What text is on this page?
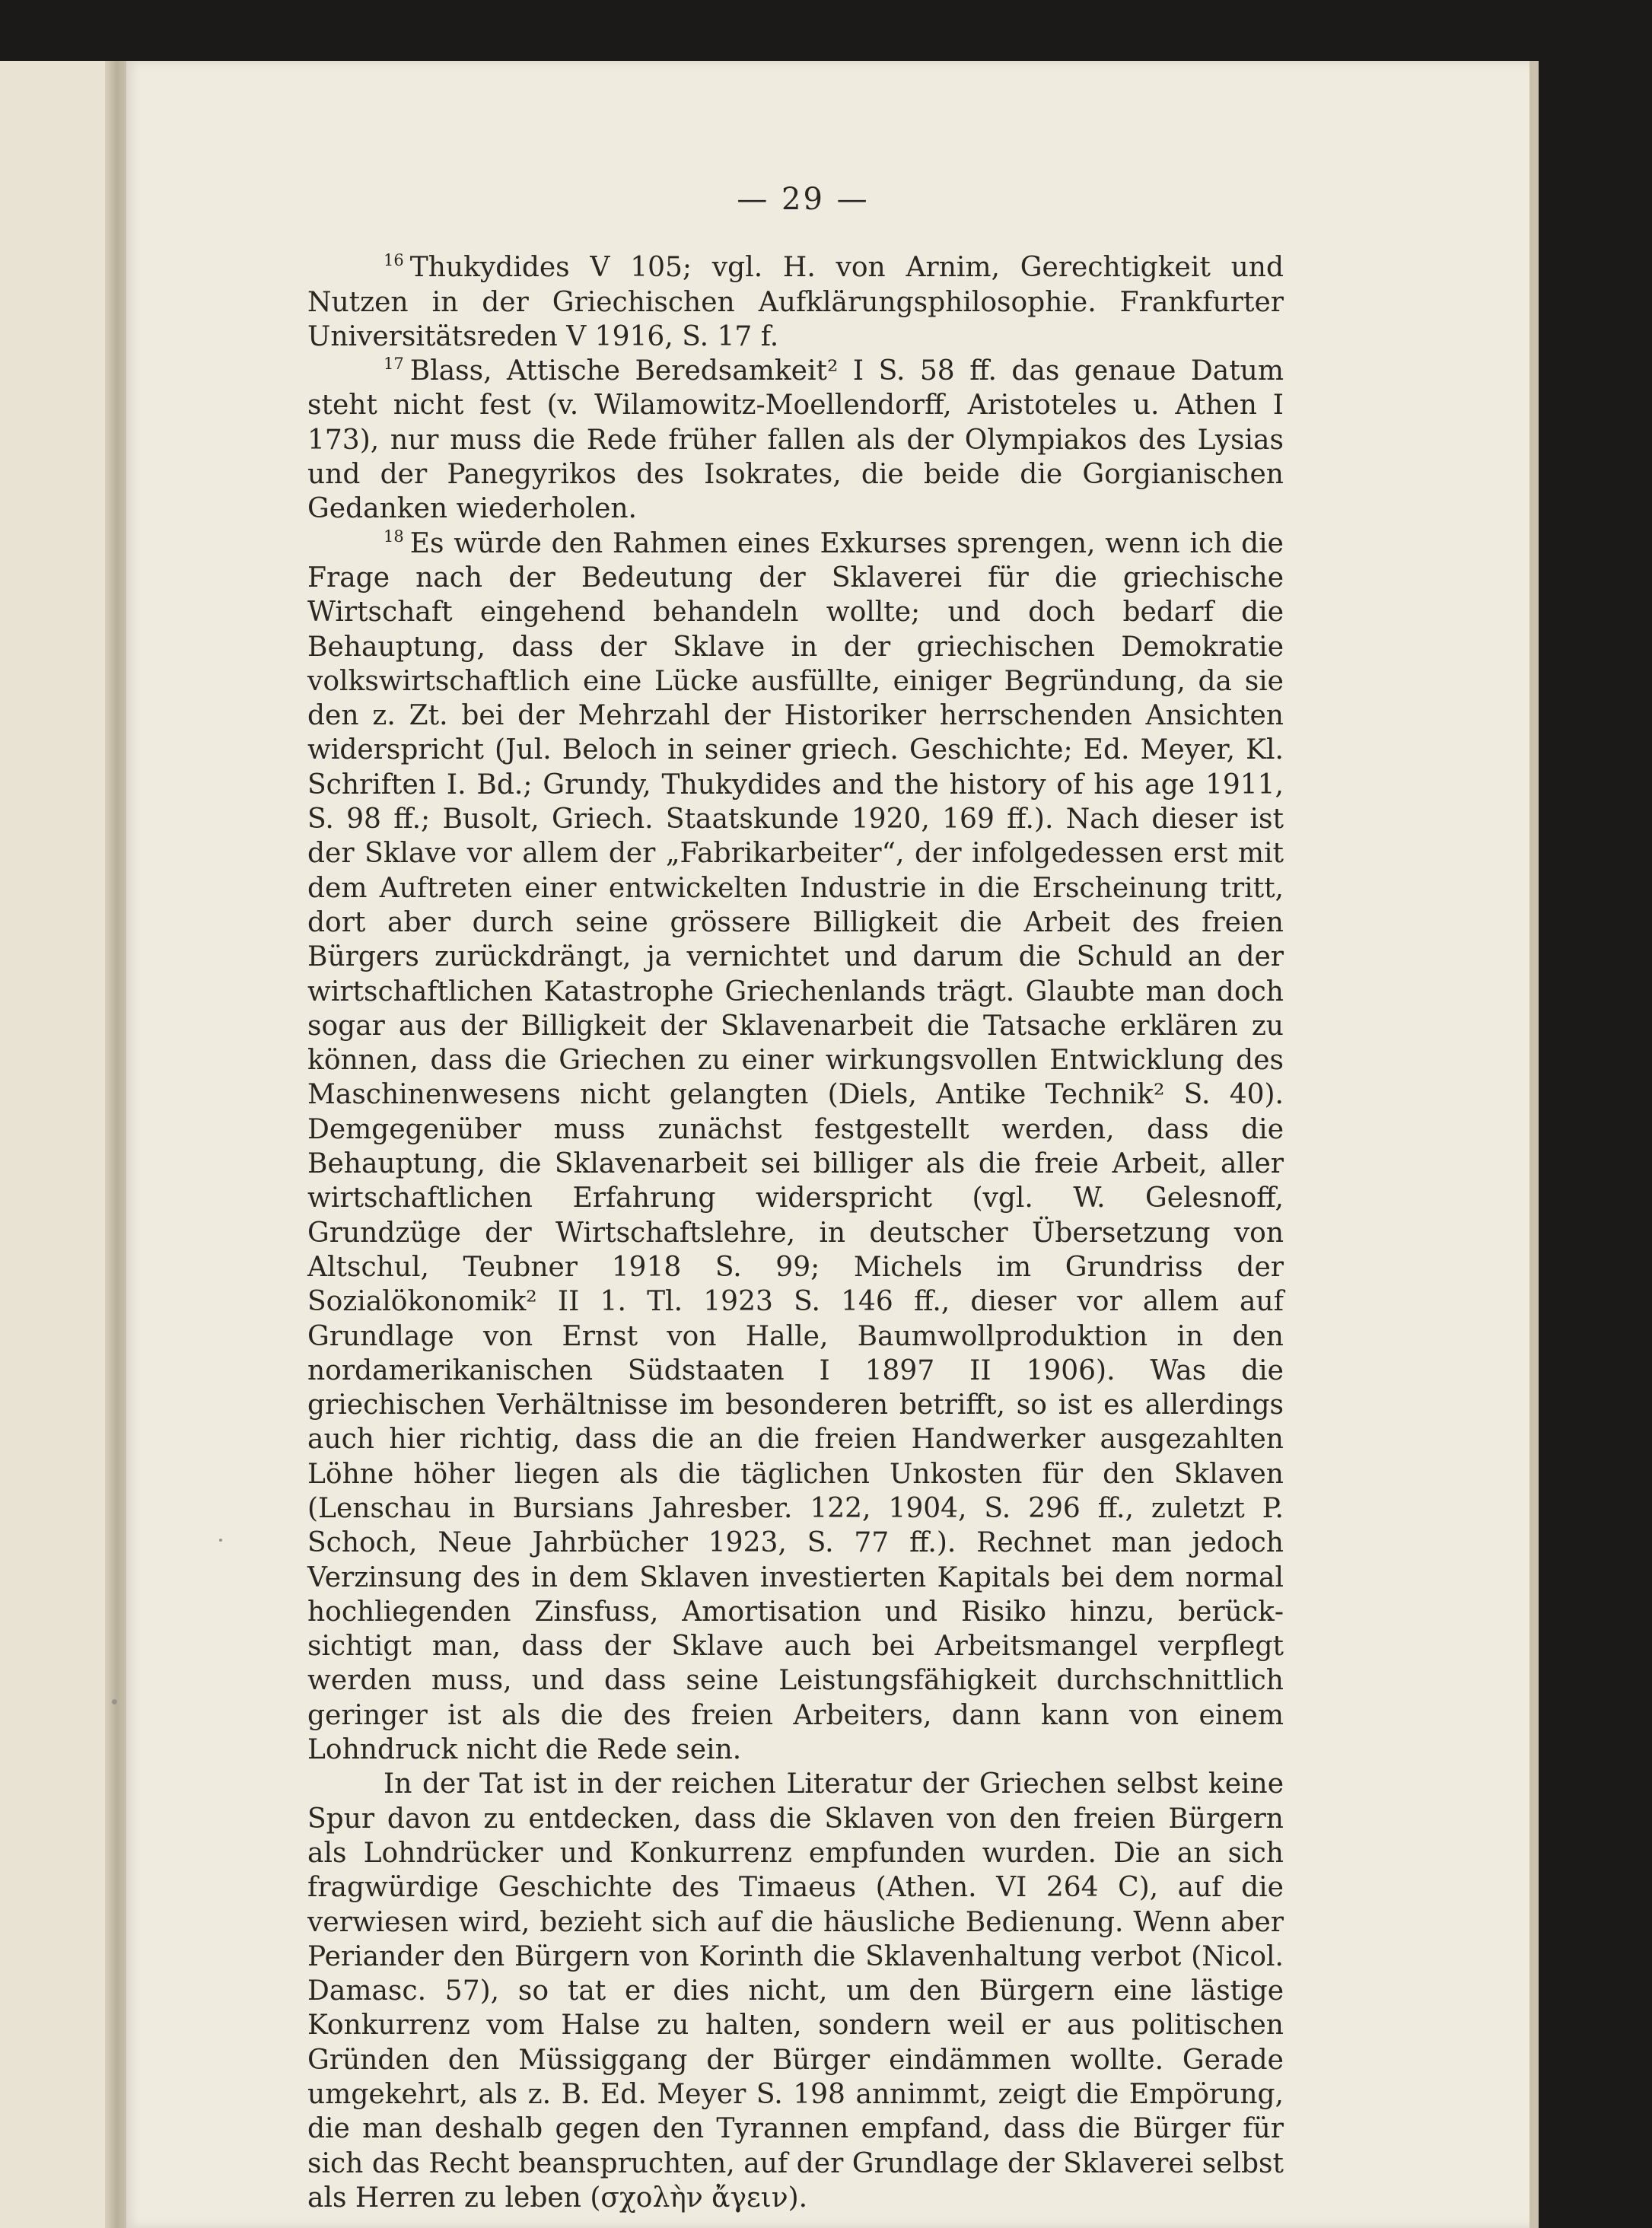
— 29 —

$^{16}$ Thukydides V 105; vgl. H. von Arnim, Gerechtigkeit und Nutzen in der Griechischen Aufklärungsphilosophie. Frankfurter Universitätsreden V 1916, S. 17 f.

$^{17}$ Blass, Attische Beredsamkeit² I S. 58 ff. das genaue Datum steht nicht fest (v. Wilamowitz-Moellendorff, Aristoteles u. Athen I 173), nur muss die Rede früher fallen als der Olympiakos des Lysias und der Panegyrikos des Isokrates, die beide die Gorgianischen Gedanken wiederholen.

$^{18}$ Es würde den Rahmen eines Exkurses sprengen, wenn ich die Frage nach der Bedeutung der Sklaverei für die griechische Wirtschaft eingehend behandeln wollte; und doch bedarf die Behauptung, dass der Sklave in der griechischen Demokratie volkswirtschaftlich eine Lücke ausfüllte, einiger Begründung, da sie den z. Zt. bei der Mehrzahl der Historiker herrschenden Ansichten widerspricht (Jul. Beloch in seiner griech. Geschichte; Ed. Meyer, Kl. Schriften I. Bd.; Grundy, Thukydides and the history of his age 1911, S. 98 ff.; Busolt, Griech. Staatskunde 1920, 169 ff.). Nach dieser ist der Sklave vor allem der „Fabrikarbeiter“, der infolgedessen erst mit dem Auftreten einer entwickelten Industrie in die Erscheinung tritt, dort aber durch seine grössere Billigkeit die Arbeit des freien Bürgers zurückdrängt, ja vernichtet und darum die Schuld an der wirtschaftlichen Katastrophe Griechenlands trägt. Glaubte man doch sogar aus der Billigkeit der Sklavenarbeit die Tatsache erklären zu können, dass die Griechen zu einer wirkungsvollen Entwicklung des Maschinenwesens nicht gelangten (Diels, Antike Technik² S. 40). Demgegenüber muss zunächst festgestellt werden, dass die Behauptung, die Sklavenarbeit sei billiger als die freie Arbeit, aller wirtschaftlichen Erfahrung widerspricht (vgl. W. Gelesnoff, Grundzüge der Wirtschaftslehre, in deutscher Übersetzung von Altschul, Teubner 1918 S. 99; Michels im Grundriss der Sozialökonomik² II 1. Tl. 1923 S. 146 ff., dieser vor allem auf Grundlage von Ernst von Halle, Baumwollproduktion in den nordamerikanischen Südstaaten I 1897 II 1906). Was die griechischen Verhältnisse im besonderen betrifft, so ist es allerdings auch hier richtig, dass die an die freien Handwerker ausgezahlten Löhne höher liegen als die täglichen Unkosten für den Sklaven (Lenschau in Bursians Jahresber. 122, 1904, S. 296 ff., zuletzt P. Schoch, Neue Jahrbücher 1923, S. 77 ff.). Rechnet man jedoch Verzinsung des in dem Sklaven investierten Kapitals bei dem normal hochliegenden Zinsfuss, Amortisation und Risiko hinzu, berücksichtigt man, dass der Sklave auch bei Arbeitsmangel verpflegt werden muss, und dass seine Leistungsfähigkeit durchschnittlich geringer ist als die des freien Arbeiters, dann kann von einem Lohndruck nicht die Rede sein.

In der Tat ist in der reichen Literatur der Griechen selbst keine Spur davon zu entdecken, dass die Sklaven von den freien Bürgern als Lohndrücker und Konkurrenz empfunden wurden. Die an sich fragwürdige Geschichte des Timaeus (Athen. VI 264 C), auf die verwiesen wird, bezieht sich auf die häusliche Bedienung. Wenn aber Periander den Bürgern von Korinth die Sklavenhaltung verbot (Nicol. Damasc. 57), so tat er dies nicht, um den Bürgern eine lästige Konkurrenz vom Halse zu halten, sondern weil er aus politischen Gründen den Müssiggang der Bürger eindämmen wollte. Gerade umgekehrt, als z. B. Ed. Meyer S. 198 annimmt, zeigt die Empörung, die man deshalb gegen den Tyrannen empfand, dass die Bürger für sich das Recht beanspruchten, auf der Grundlage der Sklaverei selbst als Herren zu leben (σχολὴν ἄγειν).
